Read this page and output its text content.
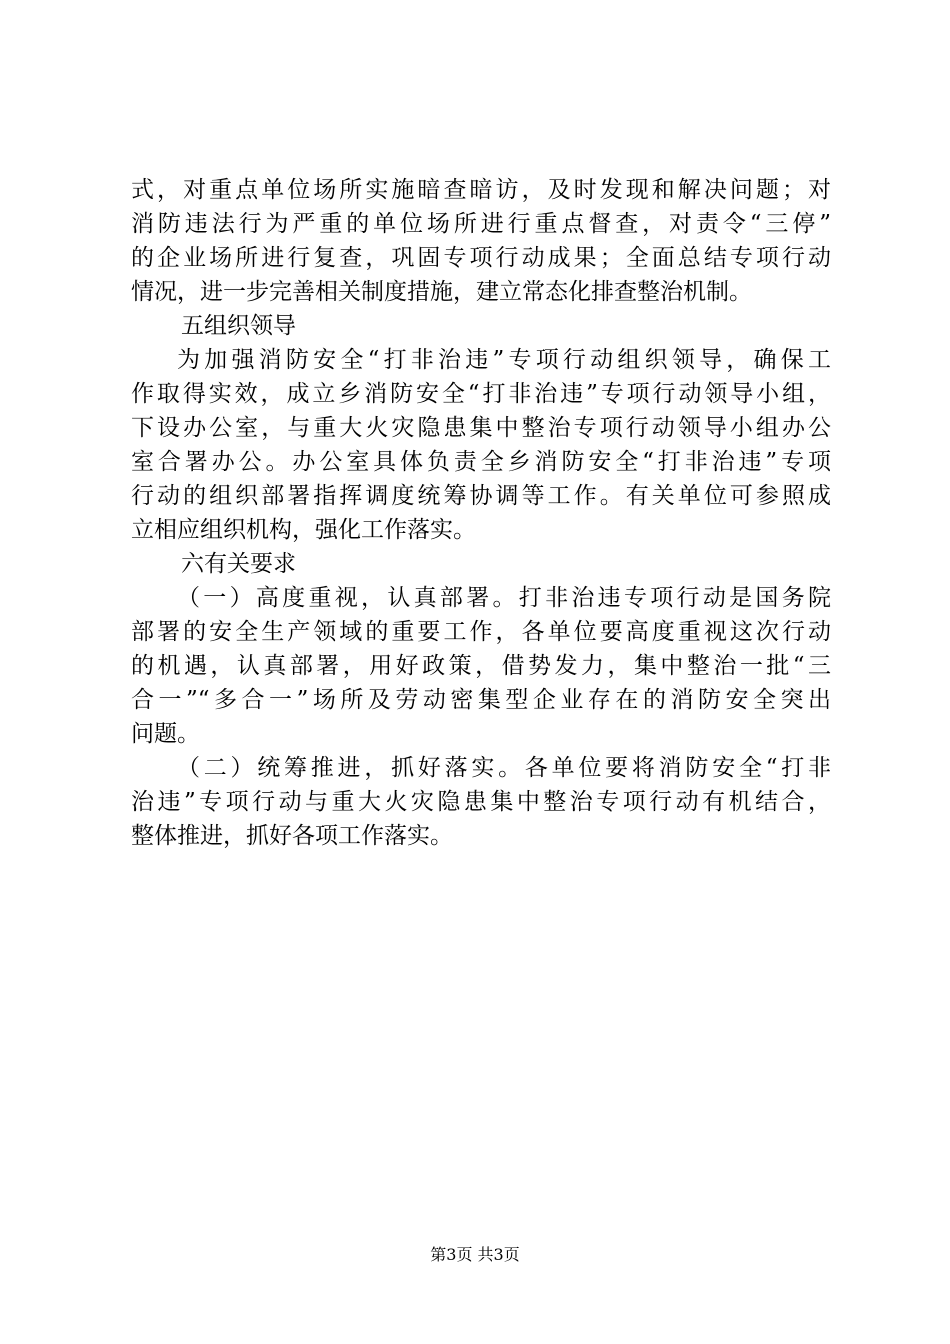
式，对重点单位场所实施暗查暗访，及时发现和解决问题；对
消防违法行为严重的单位场所进行重点督查，对责令“三停”
的企业场所进行复查，巩固专项行动成果；全面总结专项行动
情况，进一步完善相关制度措施，建立常态化排查整治机制。
五组织领导
为加强消防安全“打非治违”专项行动组织领导，确保工
作取得实效，成立乡消防安全“打非治违”专项行动领导小组，
下设办公室，与重大火灾隐患集中整治专项行动领导小组办公
室合署办公。办公室具体负责全乡消防安全“打非治违”专项
行动的组织部署指挥调度统筹协调等工作。有关单位可参照成
立相应组织机构，强化工作落实。
六有关要求
（一）高度重视，认真部署。打非治违专项行动是国务院
部署的安全生产领域的重要工作，各单位要高度重视这次行动
的机遇，认真部署，用好政策，借势发力，集中整治一批“三
合一”“多合一”场所及劳动密集型企业存在的消防安全突出
问题。
（二）统筹推进，抓好落实。各单位要将消防安全“打非
治违”专项行动与重大火灾隐患集中整治专项行动有机结合，
整体推进，抓好各项工作落实。
第3页 共3页
